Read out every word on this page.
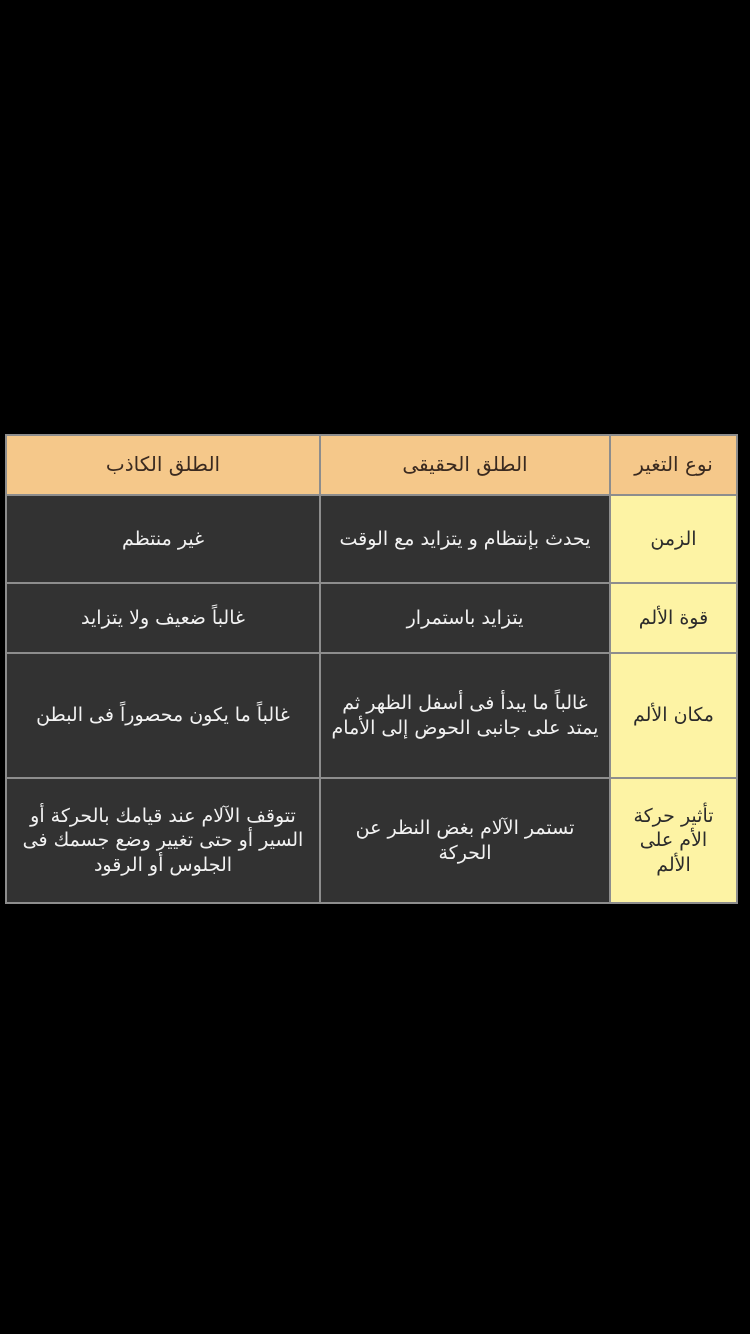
نوع التغير	الطلق الحقيقى	الطلق الكاذب
الزمن	يحدث بإنتظام و يتزايد مع الوقت	غير منتظم
قوة الألم	يتزايد باستمرار	غالباً ضعيف ولا يتزايد
مكان الألم	غالباً ما يبدأ فى أسفل الظهر ثم يمتد على جانبى الحوض إلى الأمام	غالباً ما يكون محصوراً فى البطن
تأثير حركة الأم على الألم	تستمر الآلام بغض النظر عن الحركة	تتوقف الآلام عند قيامك بالحركة أو السير أو حتى تغيير وضع جسمك فى الجلوس أو الرقود
